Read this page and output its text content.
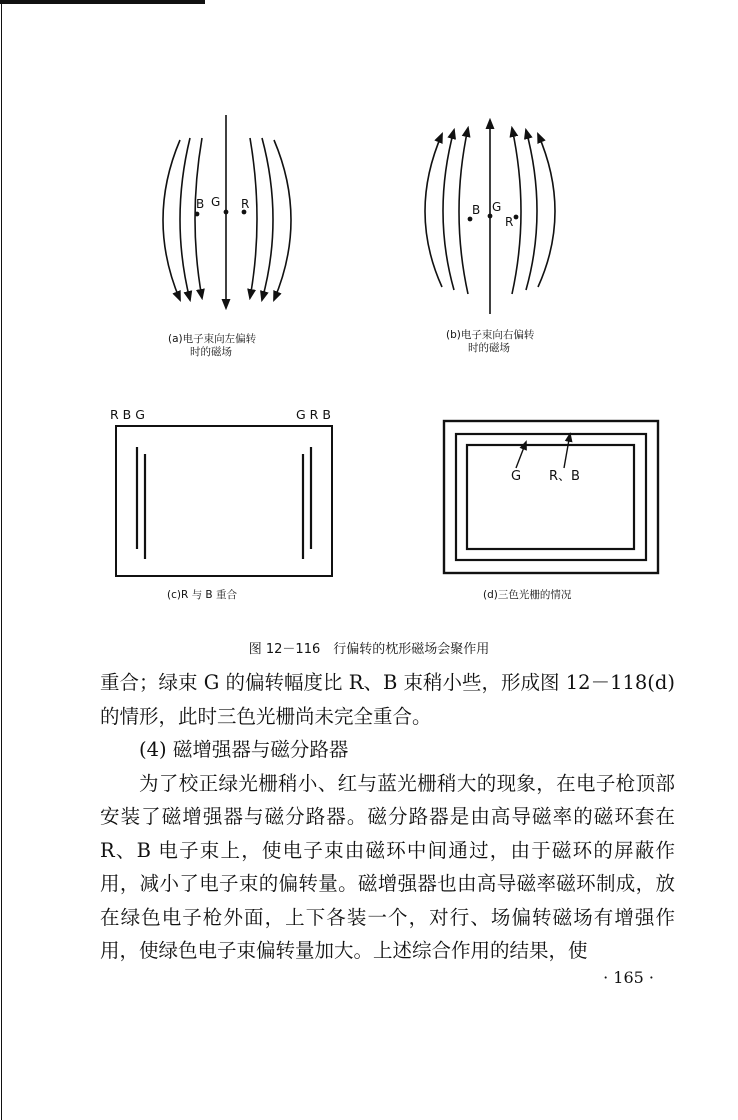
B G R
(a)电子束向左偏转
时的磁场
B G
R
(b)电子束向右偏转
时的磁场
R B G	G R B
(c)R 与 B 重合
G R、B
(d)三色光栅的情况
图 12－116　行偏转的枕形磁场会聚作用

重合；绿束 G 的偏转幅度比 R、B 束稍小些，形成图 12－118(d)的情形，此时三色光栅尚未完全重合。

(4) 磁增强器与磁分路器

为了校正绿光栅稍小、红与蓝光栅稍大的现象，在电子枪顶部安装了磁增强器与磁分路器。磁分路器是由高导磁率的磁环套在 R、B 电子束上，使电子束由磁环中间通过，由于磁环的屏蔽作用，减小了电子束的偏转量。磁增强器也由高导磁率磁环制成，放在绿色电子枪外面，上下各装一个，对行、场偏转磁场有增强作用，使绿色电子束偏转量加大。上述综合作用的结果，使

· 165 ·
